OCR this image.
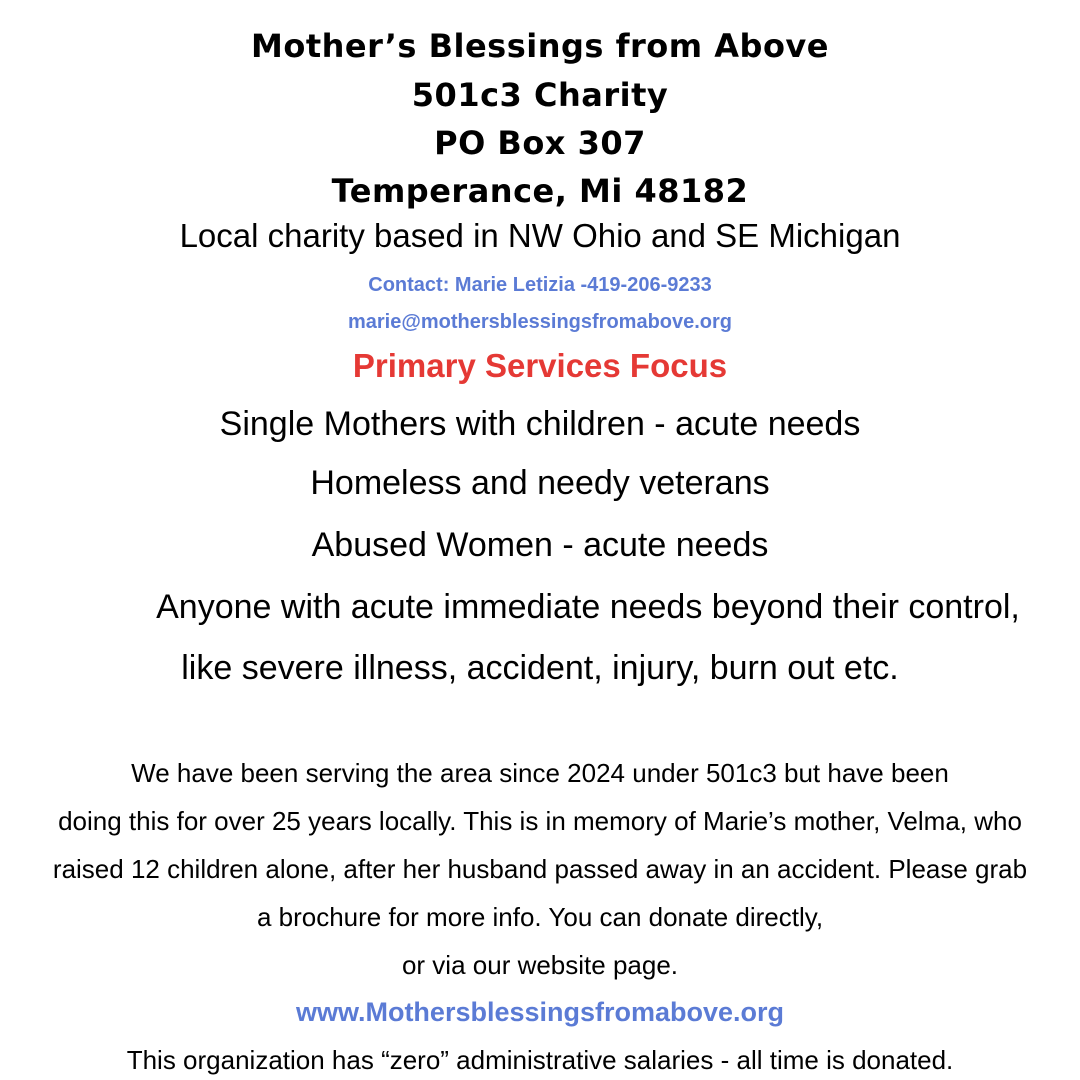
Mother’s Blessings from Above
501c3 Charity
PO Box 307
Temperance, Mi 48182
Local charity based in NW Ohio and SE Michigan
Contact: Marie Letizia -419-206-9233
marie@mothersblessingsfromabove.org
Primary Services Focus
Single Mothers with children - acute needs
Homeless and needy veterans
Abused Women - acute needs
Anyone with acute immediate needs beyond their control,
like severe illness, accident, injury, burn out etc.
We have been serving the area since 2024 under 501c3 but have been
doing this for over 25 years locally. This is in memory of Marie’s mother, Velma, who
raised 12 children alone, after her husband passed away in an accident. Please grab
a brochure for more info. You can donate directly,
or via our website page.
www.Mothersblessingsfromabove.org
This organization has “zero” administrative salaries - all time is donated.
